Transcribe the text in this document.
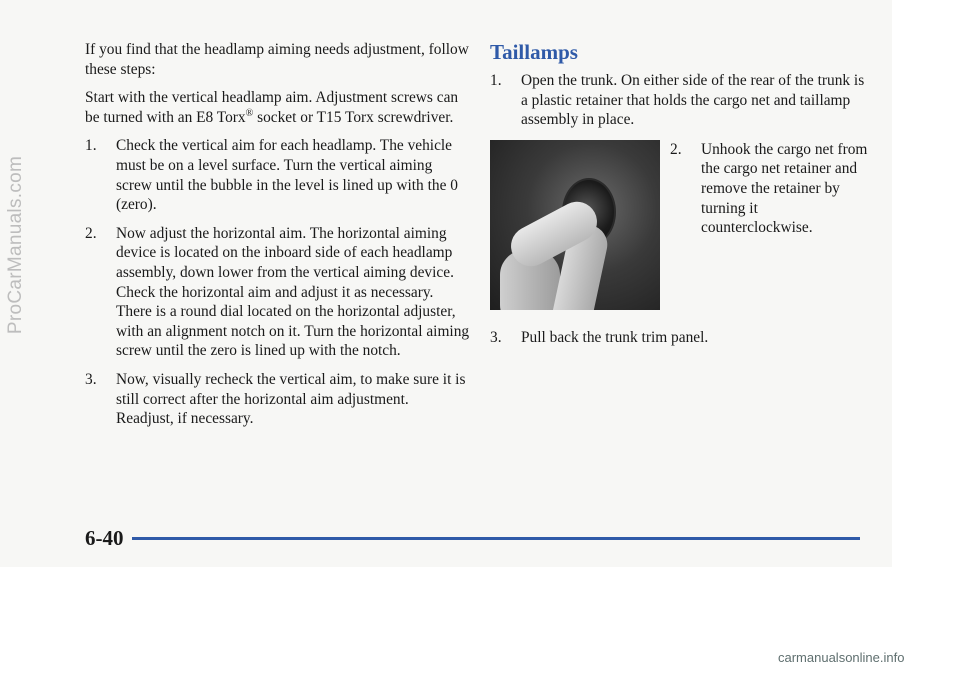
ProCarManuals.com

If you find that the headlamp aiming needs adjustment, follow these steps:

Start with the vertical headlamp aim. Adjustment screws can be turned with an E8 Torx® socket or T15 Torx screwdriver.

1. Check the vertical aim for each headlamp. The vehicle must be on a level surface. Turn the vertical aiming screw until the bubble in the level is lined up with the 0 (zero).
2. Now adjust the horizontal aim. The horizontal aiming device is located on the inboard side of each headlamp assembly, down lower from the vertical aiming device. Check the horizontal aim and adjust it as necessary. There is a round dial located on the horizontal adjuster, with an alignment notch on it. Turn the horizontal aiming screw until the zero is lined up with the notch.
3. Now, visually recheck the vertical aim, to make sure it is still correct after the horizontal aim adjustment. Readjust, if necessary.
Taillamps
1. Open the trunk. On either side of the rear of the trunk is a plastic retainer that holds the cargo net and taillamp assembly in place.
2. Unhook the cargo net from the cargo net retainer and remove the retainer by turning it counterclockwise.
3. Pull back the trunk trim panel.
6-40
carmanualsonline.info
